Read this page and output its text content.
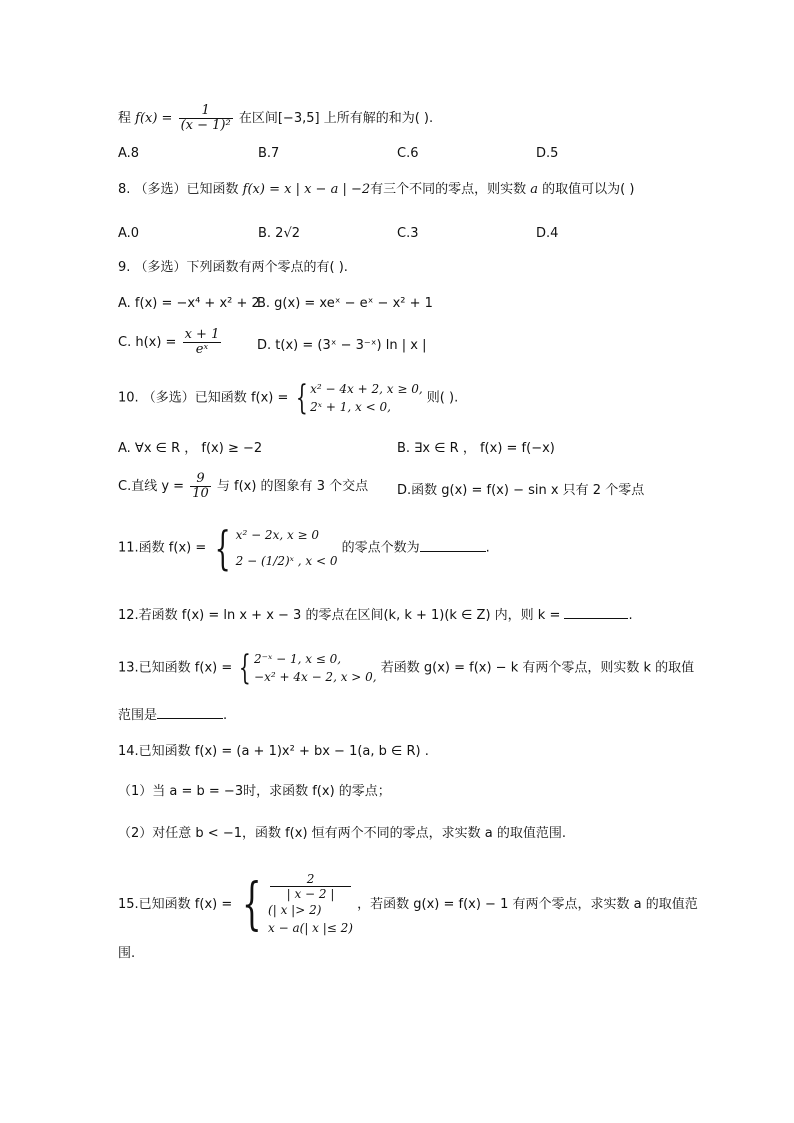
程 $f(x) = \frac{1}{\text{(x − 1)²}}$ 在区间[−3,5] 上所有解的和为( ).
A.8	B.7	C.6	D.5
8. （多选）已知函数 f(x) = x | x − a | −2有三个不同的零点，则实数 a 的取值可以为( )
A.0	B. 2√2	C.3	D.4
9. （多选）下列函数有两个零点的有( ).
A. f(x) = −x⁴ + x² + 2
B. g(x) = xeˣ − eˣ − x² + 1
C. $h(x) = \frac{x + 1}{\text{eˣ}}$	D. t(x) = (3ˣ − 3⁻ˣ) ln | x |
10. （多选）已知函数 f(x) = { x² − 4x + 2, x ≥ 0,
2ˣ + 1, x < 0,
则( ).
A. ∀x ∈ R ， f(x) ≥ −2	B. ∃x ∈ R ， f(x) = f(−x)
C.直线 $y = \frac{9}{10}$ 与 f(x) 的图象有 3 个交点 D.函数 g(x) = f(x) − sin x 只有 2 个零点
11.函数 f(x) = { x² − 2x, x ≥ 0
2 − (1/2)ˣ , x < 0
的零点个数为	.
12.若函数 f(x) = ln x + x − 3 的零点在区间(k, k + 1)(k ∈ Z) 内，则 k =	.
13.已知函数 f(x) = { 2⁻ˣ − 1, x ≤ 0,
−x² + 4x − 2, x > 0,
若函数 g(x) = f(x) − k 有两个零点，则实数 k 的取值
范围是	.
14.已知函数 f(x) = (a + 1)x² + bx − 1(a, b ∈ R) .
（1）当 a = b = −3时，求函数 f(x) 的零点；
（2）对任意 b < −1，函数 f(x) 恒有两个不同的零点，求实数 a 的取值范围.
15.已知函数 f(x) = {	2
| x − 2 |
(| x |> 2)
x − a(| x |≤ 2)
，若函数 g(x) = f(x) − 1 有两个零点，求实数 a 的取值范
围.
